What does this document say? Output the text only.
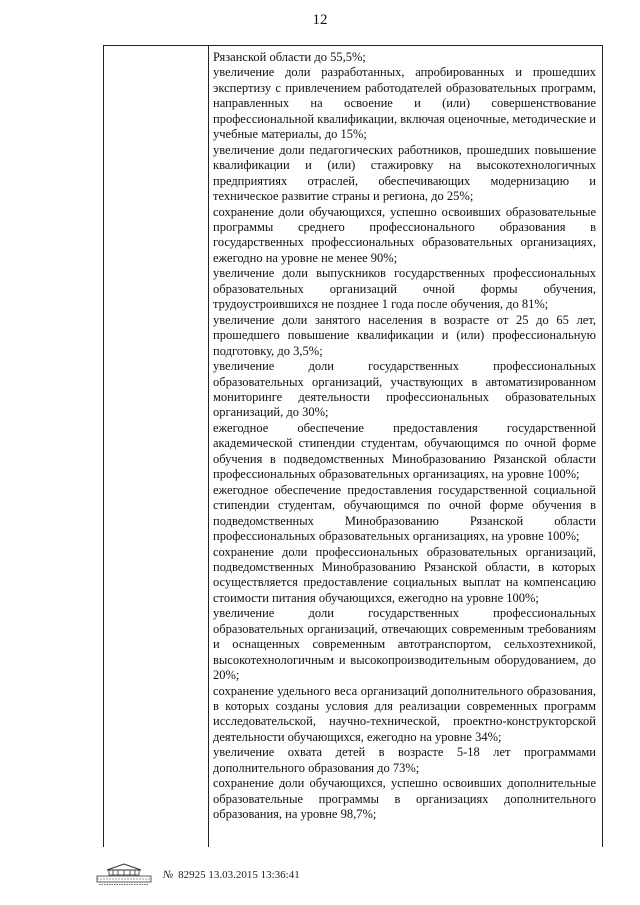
12

Рязанской области до 55,5%;

увеличение доли разработанных, апробированных и прошедших экспертизу с привлечением работодателей образовательных программ, направленных на освоение и (или) совершенствование профессиональной квалификации, включая оценочные, методические и учебные материалы, до 15%;

увеличение доли педагогических работников, прошедших повышение квалификации и (или) стажировку на высокотехнологичных предприятиях отраслей, обеспечивающих модернизацию и техническое развитие страны и региона, до 25%;

сохранение доли обучающихся, успешно освоивших образовательные программы среднего профессионального образования в государственных профессиональных образовательных организациях, ежегодно на уровне не менее 90%;

увеличение доли выпускников государственных профессиональных образовательных организаций очной формы обучения, трудоустроившихся не позднее 1 года после обучения, до 81%;

увеличение доли занятого населения в возрасте от 25 до 65 лет, прошедшего повышение квалификации и (или) профессиональную подготовку, до 3,5%;

увеличение доли государственных профессиональных образовательных организаций, участвующих в автоматизированном мониторинге деятельности профессиональных образовательных организаций, до 30%;

ежегодное обеспечение предоставления государственной академической стипендии студентам, обучающимся по очной форме обучения в подведомственных Минобразованию Рязанской области профессиональных образовательных организациях, на уровне 100%;

ежегодное обеспечение предоставления государственной социальной стипендии студентам, обучающимся по очной форме обучения в подведомственных Минобразованию Рязанской области профессиональных образовательных организациях, на уровне 100%;

сохранение доли профессиональных образовательных организаций, подведомственных Минобразованию Рязанской области, в которых осуществляется предоставление социальных выплат на компенсацию стоимости питания обучающихся, ежегодно на уровне 100%;

увеличение доли государственных профессиональных образовательных организаций, отвечающих современным требованиям и оснащенных современным автотранспортом, сельхозтехникой, высокотехнологичным и высокопроизводительным оборудованием, до 20%;

сохранение удельного веса организаций дополнительного образования, в которых созданы условия для реализации современных программ исследовательской, научно-технической, проектно-конструкторской деятельности обучающихся, ежегодно на уровне 34%;

увеличение охвата детей в возрасте 5-18 лет программами дополнительного образования до 73%;

сохранение доли обучающихся, успешно освоивших дополнительные образовательные программы в организациях дополнительного образования, на уровне 98,7%;

№ 82925 13.03.2015 13:36:41
